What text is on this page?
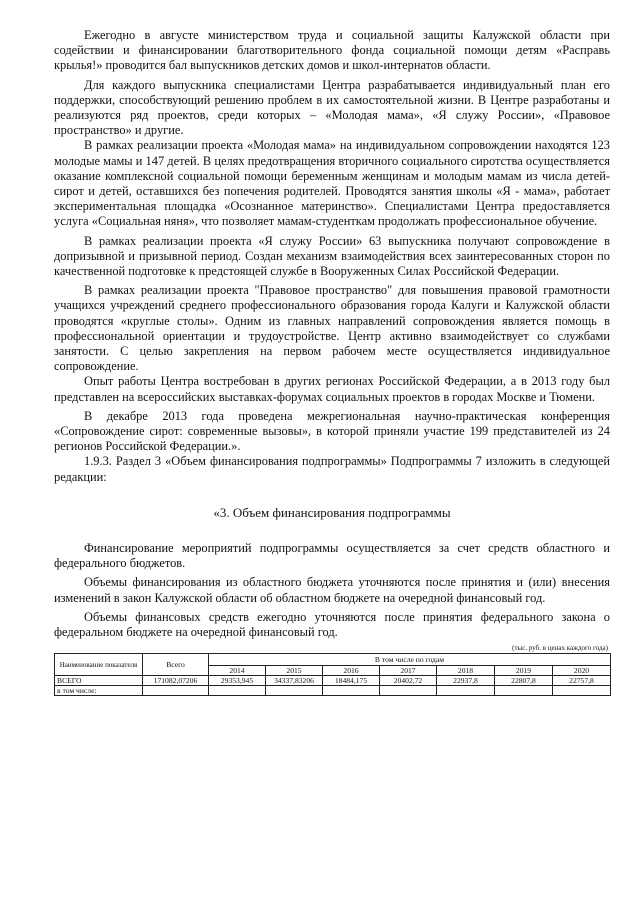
Ежегодно в августе министерством труда и социальной защиты Калужской области при содействии и финансировании благотворительного фонда социальной помощи детям «Расправь крылья!» проводится бал выпускников детских домов и школ-интернатов области.

Для каждого выпускника специалистами Центра разрабатывается индивидуальный план его поддержки, способствующий решению проблем в их самостоятельной жизни. В Центре разработаны и реализуются ряд проектов, среди которых – «Молодая мама», «Я служу России», «Правовое пространство» и другие.

В рамках реализации проекта «Молодая мама» на индивидуальном сопровождении находятся 123 молодые мамы и 147 детей. В целях предотвращения вторичного социального сиротства осуществляется оказание комплексной социальной помощи беременным женщинам и молодым мамам из числа детей-сирот и детей, оставшихся без попечения родителей. Проводятся занятия школы «Я - мама», работает экспериментальная площадка «Осознанное материнство». Специалистами Центра предоставляется услуга «Социальная няня», что позволяет мамам-студенткам продолжать профессиональное обучение.

В рамках реализации проекта «Я служу России» 63 выпускника получают сопровождение в допризывной и призывной период. Создан механизм взаимодействия всех заинтересованных сторон по качественной подготовке к предстоящей службе в Вооруженных Силах Российской Федерации.

В рамках реализации проекта "Правовое пространство" для повышения правовой грамотности учащихся учреждений среднего профессионального образования города Калуги и Калужской области проводятся «круглые столы». Одним из главных направлений сопровождения является помощь в профессиональной ориентации и трудоустройстве. Центр активно взаимодействует со службами занятости. С целью закрепления на первом рабочем месте осуществляется индивидуальное сопровождение.

Опыт работы Центра востребован в других регионах Российской Федерации, а в 2013 году был представлен на всероссийских выставках-форумах социальных проектов в городах Москве и Тюмени.

В декабре 2013 года проведена межрегиональная научно-практическая конференция «Сопровождение сирот: современные вызовы», в которой приняли участие 199 представителей из 24 регионов Российской Федерации.».

1.9.3. Раздел 3 «Объем финансирования подпрограммы» Подпрограммы 7 изложить в следующей редакции:

«3. Объем финансирования подпрограммы

Финансирование мероприятий подпрограммы осуществляется за счет средств областного и федерального бюджетов.

Объемы финансирования из областного бюджета уточняются после принятия и (или) внесения изменений в закон Калужской области об областном бюджете на очередной финансовый год.

Объемы финансовых средств ежегодно уточняются после принятия федерального закона о федеральном бюджете на очередной финансовый год.

(тыс. руб. в ценах каждого года)
Наименование показателя	Всего	В том числе по годам						
		2014	2015	2016	2017	2018	2019	2020
ВСЕГО	171082,07206	29353,945	34337,83206	18484,175	20402,72	22937,8	22807,8	22757,8
в том числе:								
